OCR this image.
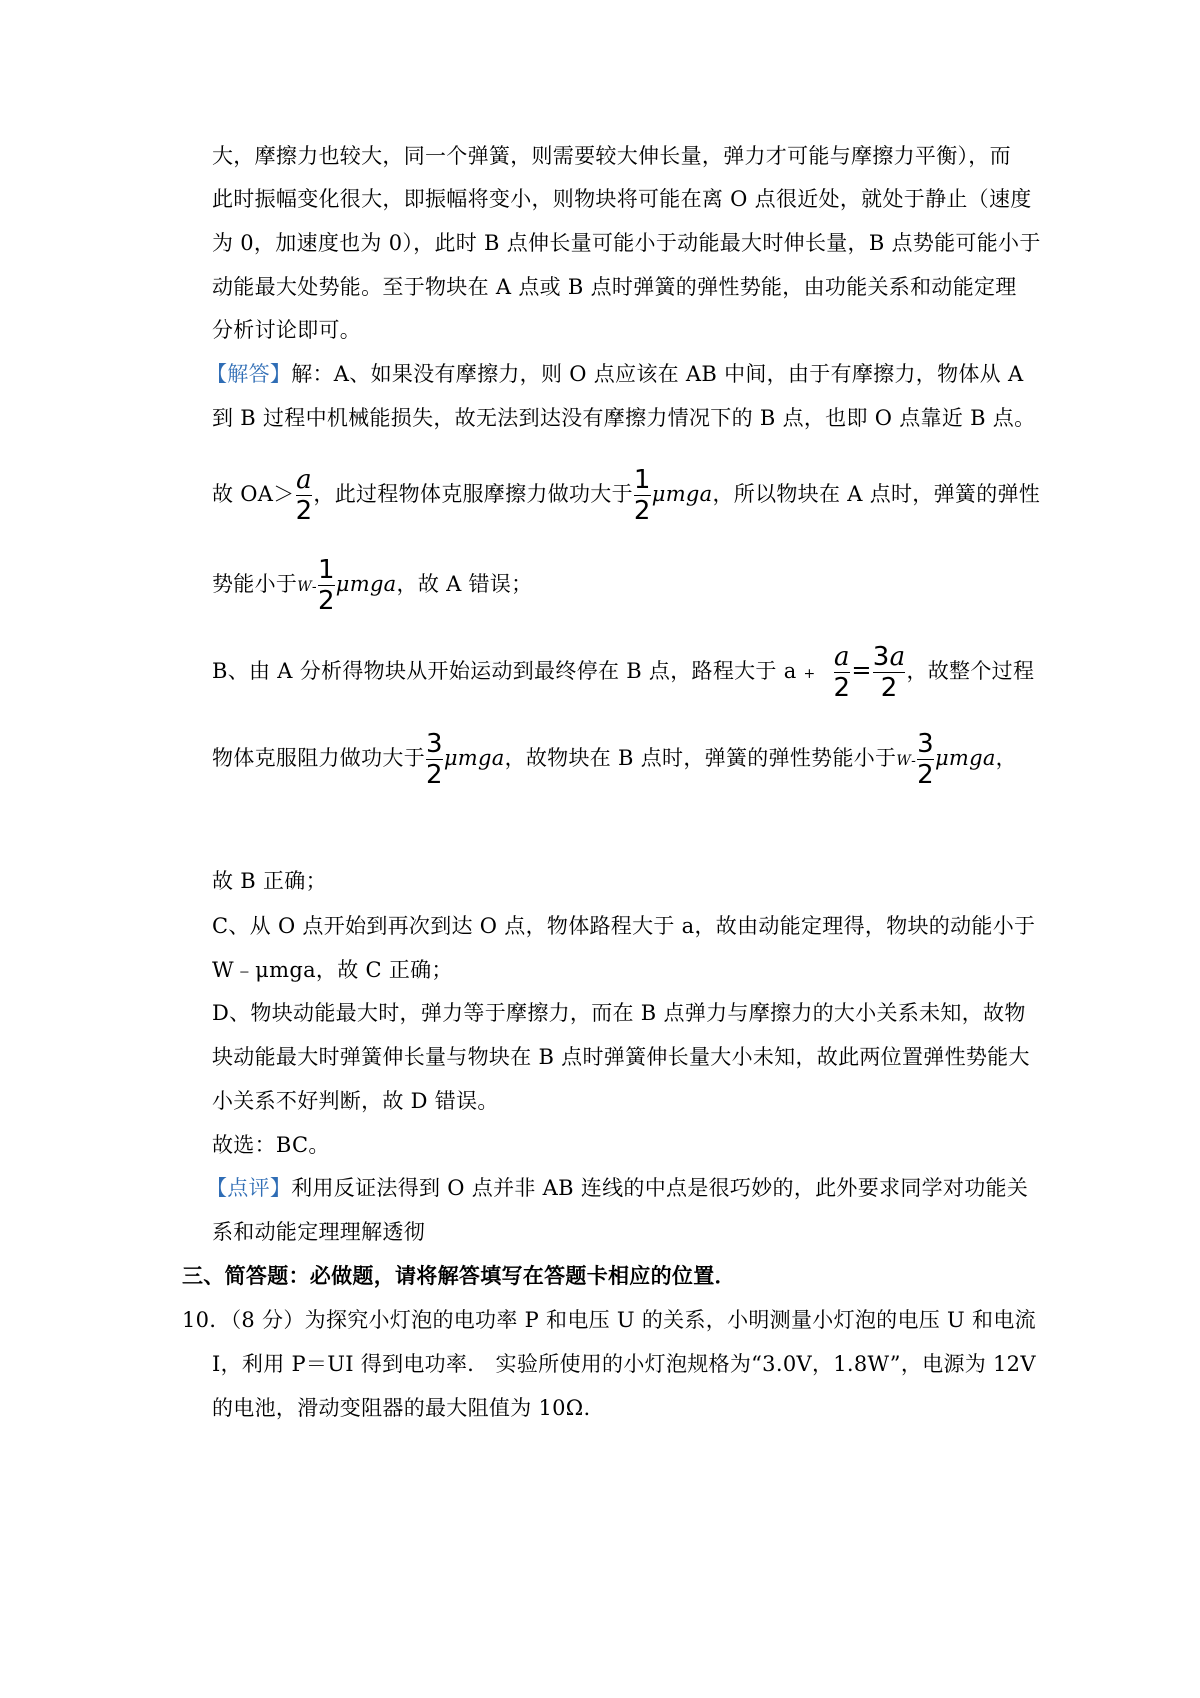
大，摩擦力也较大，同一个弹簧，则需要较大伸长量，弹力才可能与摩擦力平衡），而
此时振幅变化很大，即振幅将变小，则物块将可能在离 O 点很近处，就处于静止（速度
为 0，加速度也为 0），此时 B 点伸长量可能小于动能最大时伸长量，B 点势能可能小于
动能最大处势能。至于物块在 A 点或 B 点时弹簧的弹性势能，由功能关系和动能定理
分析讨论即可。
【解答】解：A、如果没有摩擦力，则 O 点应该在 AB 中间，由于有摩擦力，物体从 A
到 B 过程中机械能损失，故无法到达没有摩擦力情况下的 B 点，也即 O 点靠近 B 点。
故 $OA> \frac{a}{2}$ ，此过程物体克服摩擦力做功大于 $\frac{1}{2}$ μmga，所以物块在 A 点时，弹簧的弹性
势能小于$W- \frac{1}{2}$ μmga，故 A 错误；
B、由 A 分析得物块从开始运动到最终停在 B 点，路程大于 $a + \frac{a}{2} = \frac{3a}{2}$ ，故整个过程
物体克服阻力做功大于 $\frac{3}{2}$ μmga，故物块在 B 点时，弹簧的弹性势能小于$W- \frac{3}{2}$ μmga，
故 B 正确；
C、从 O 点开始到再次到达 O 点，物体路程大于 a，故由动能定理得，物块的动能小于
W﹣μmga，故 C 正确；
D、物块动能最大时，弹力等于摩擦力，而在 B 点弹力与摩擦力的大小关系未知，故物
块动能最大时弹簧伸长量与物块在 B 点时弹簧伸长量大小未知，故此两位置弹性势能大
小关系不好判断，故 D 错误。
故选：BC。
【点评】利用反证法得到 O 点并非 AB 连线的中点是很巧妙的，此外要求同学对功能关
系和动能定理理解透彻
三、简答题：必做题，请将解答填写在答题卡相应的位置．
10．（8 分）为探究小灯泡的电功率 P 和电压 U 的关系，小明测量小灯泡的电压 U 和电流
I，利用 P＝UI 得到电功率． 实验所使用的小灯泡规格为“3.0V，1.8W”，电源为 12V
的电池，滑动变阻器的最大阻值为 10Ω.
